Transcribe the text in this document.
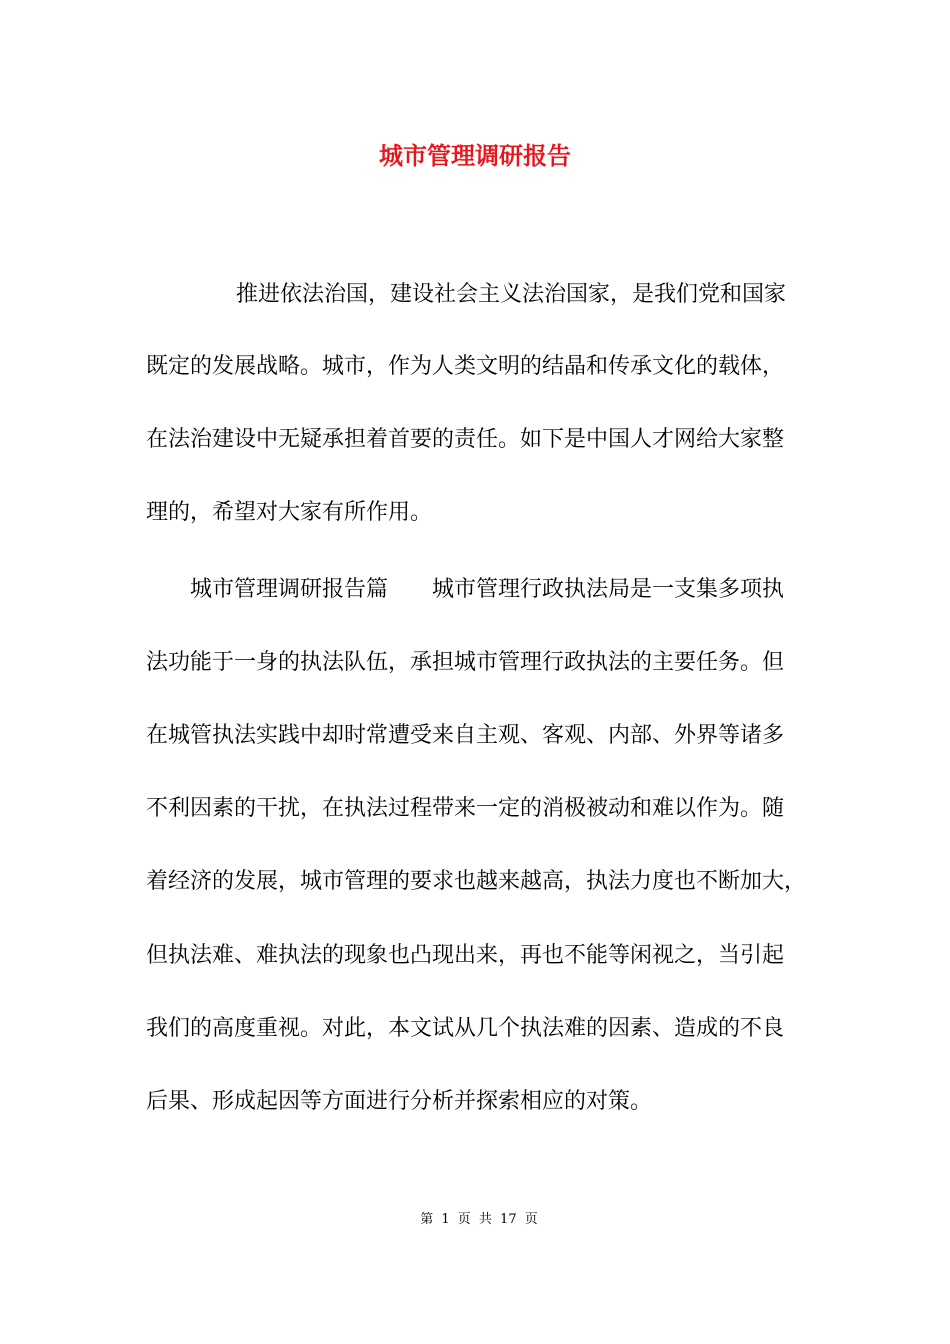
城市管理调研报告
推进依法治国，建设社会主义法治国家，是我们党和国家
既定的发展战略。城市，作为人类文明的结晶和传承文化的载体，
在法治建设中无疑承担着首要的责任。如下是中国人才网给大家整
理的，希望对大家有所作用。
城市管理调研报告篇　　城市管理行政执法局是一支集多项执
法功能于一身的执法队伍，承担城市管理行政执法的主要任务。但
在城管执法实践中却时常遭受来自主观、客观、内部、外界等诸多
不利因素的干扰，在执法过程带来一定的消极被动和难以作为。随
着经济的发展，城市管理的要求也越来越高，执法力度也不断加大，
但执法难、难执法的现象也凸现出来，再也不能等闲视之，当引起
我们的高度重视。对此，本文试从几个执法难的因素、造成的不良
后果、形成起因等方面进行分析并探索相应的对策。
第 1 页 共 17 页
